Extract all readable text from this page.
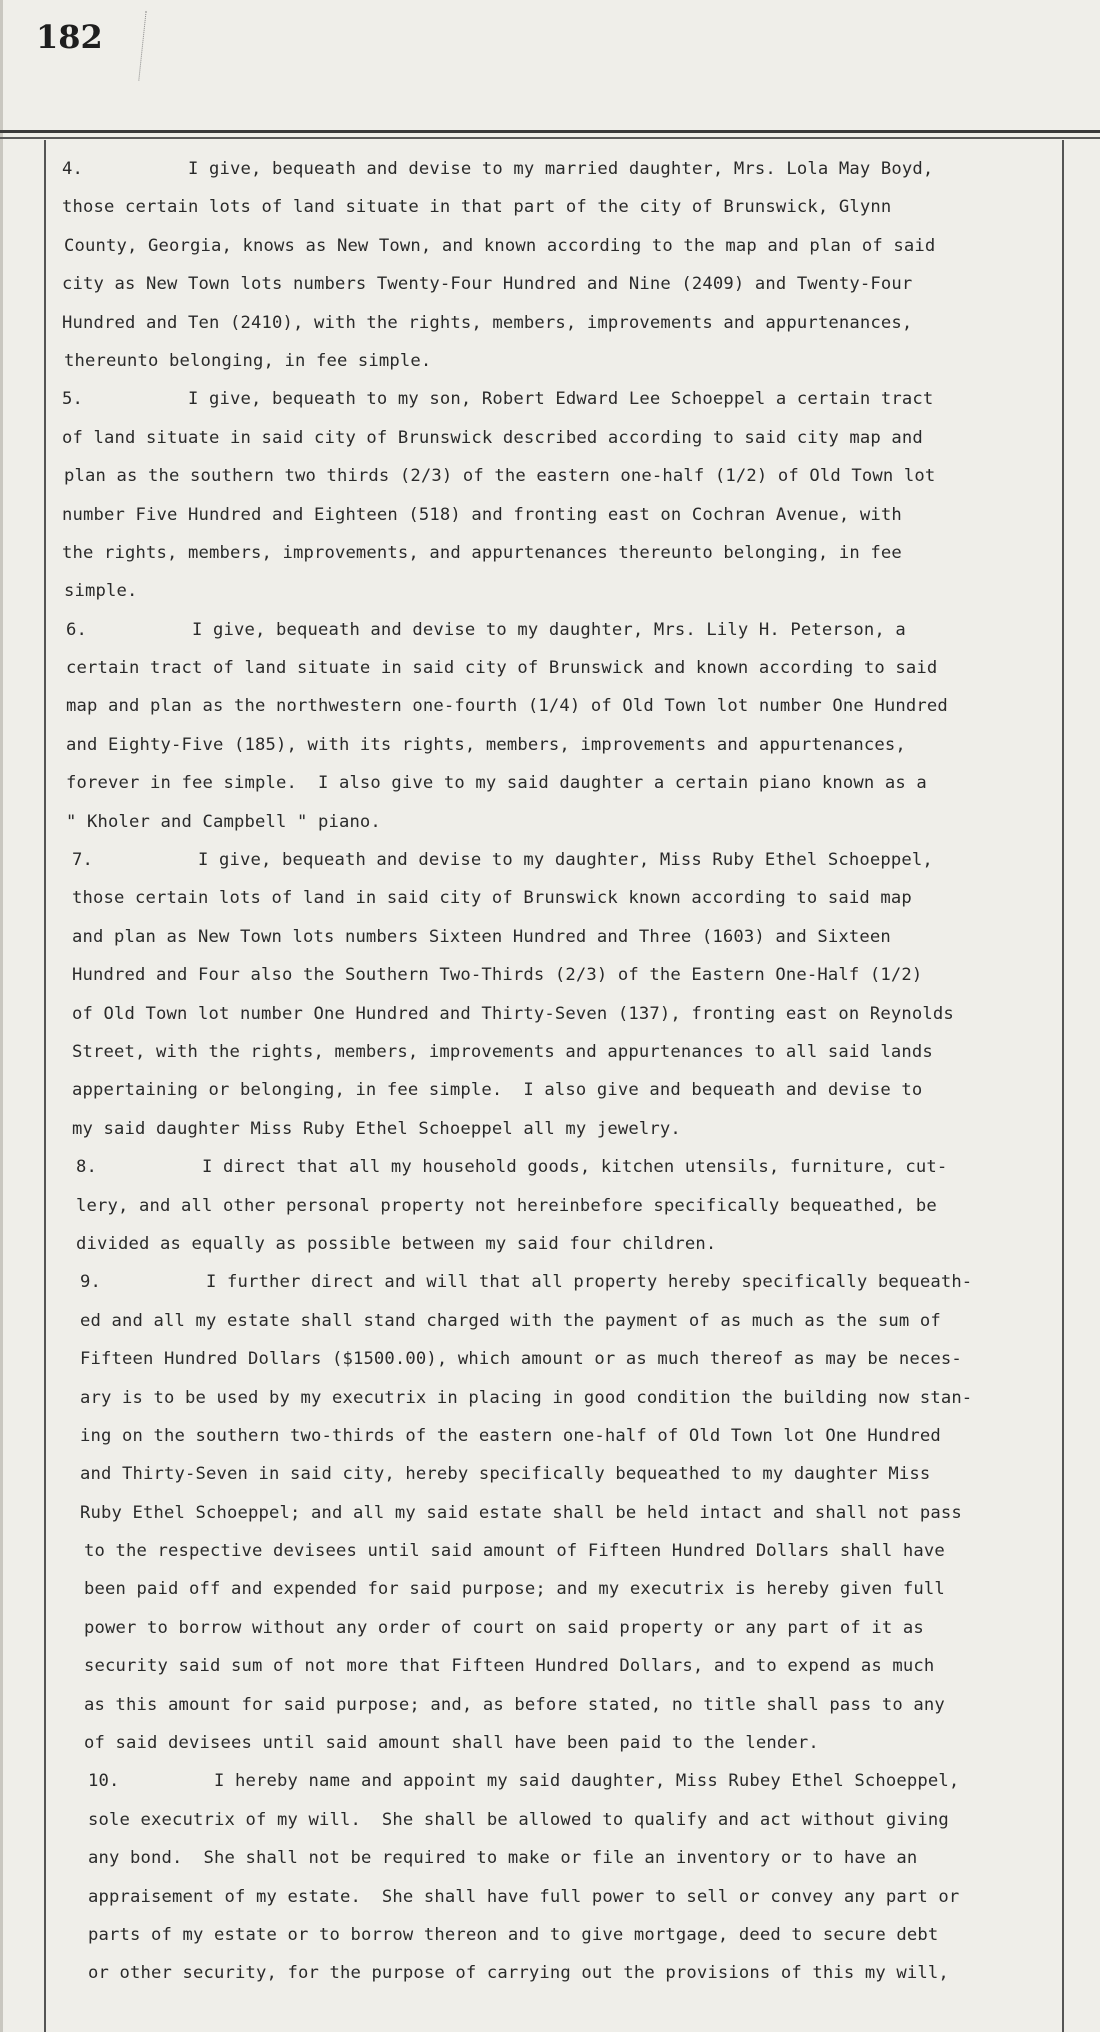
182
4.          I give, bequeath and devise to my married daughter, Mrs. Lola May Boyd,
those certain lots of land situate in that part of the city of Brunswick, Glynn
County, Georgia, knows as New Town, and known according to the map and plan of said
city as New Town lots numbers Twenty-Four Hundred and Nine (2409) and Twenty-Four
Hundred and Ten (2410), with the rights, members, improvements and appurtenances,
thereunto belonging, in fee simple.
5.          I give, bequeath to my son, Robert Edward Lee Schoeppel a certain tract
of land situate in said city of Brunswick described according to said city map and
plan as the southern two thirds (2/3) of the eastern one-half (1/2) of Old Town lot
number Five Hundred and Eighteen (518) and fronting east on Cochran Avenue, with
the rights, members, improvements, and appurtenances thereunto belonging, in fee
simple.
6.          I give, bequeath and devise to my daughter, Mrs. Lily H. Peterson, a
certain tract of land situate in said city of Brunswick and known according to said
map and plan as the northwestern one-fourth (1/4) of Old Town lot number One Hundred
and Eighty-Five (185), with its rights, members, improvements and appurtenances,
forever in fee simple.  I also give to my said daughter a certain piano known as a
" Kholer and Campbell " piano.
7.          I give, bequeath and devise to my daughter, Miss Ruby Ethel Schoeppel,
those certain lots of land in said city of Brunswick known according to said map
and plan as New Town lots numbers Sixteen Hundred and Three (1603) and Sixteen
Hundred and Four also the Southern Two-Thirds (2/3) of the Eastern One-Half (1/2)
of Old Town lot number One Hundred and Thirty-Seven (137), fronting east on Reynolds
Street, with the rights, members, improvements and appurtenances to all said lands
appertaining or belonging, in fee simple.  I also give and bequeath and devise to
my said daughter Miss Ruby Ethel Schoeppel all my jewelry.
8.          I direct that all my household goods, kitchen utensils, furniture, cut-
lery, and all other personal property not hereinbefore specifically bequeathed, be
divided as equally as possible between my said four children.
9.          I further direct and will that all property hereby specifically bequeath-
ed and all my estate shall stand charged with the payment of as much as the sum of
Fifteen Hundred Dollars ($1500.00), which amount or as much thereof as may be neces-
ary is to be used by my executrix in placing in good condition the building now stan-
ing on the southern two-thirds of the eastern one-half of Old Town lot One Hundred
and Thirty-Seven in said city, hereby specifically bequeathed to my daughter Miss
Ruby Ethel Schoeppel; and all my said estate shall be held intact and shall not pass
to the respective devisees until said amount of Fifteen Hundred Dollars shall have
been paid off and expended for said purpose; and my executrix is hereby given full
power to borrow without any order of court on said property or any part of it as
security said sum of not more that Fifteen Hundred Dollars, and to expend as much
as this amount for said purpose; and, as before stated, no title shall pass to any
of said devisees until said amount shall have been paid to the lender.
10.         I hereby name and appoint my said daughter, Miss Rubey Ethel Schoeppel,
sole executrix of my will.  She shall be allowed to qualify and act without giving
any bond.  She shall not be required to make or file an inventory or to have an
appraisement of my estate.  She shall have full power to sell or convey any part or
parts of my estate or to borrow thereon and to give mortgage, deed to secure debt
or other security, for the purpose of carrying out the provisions of this my will,
